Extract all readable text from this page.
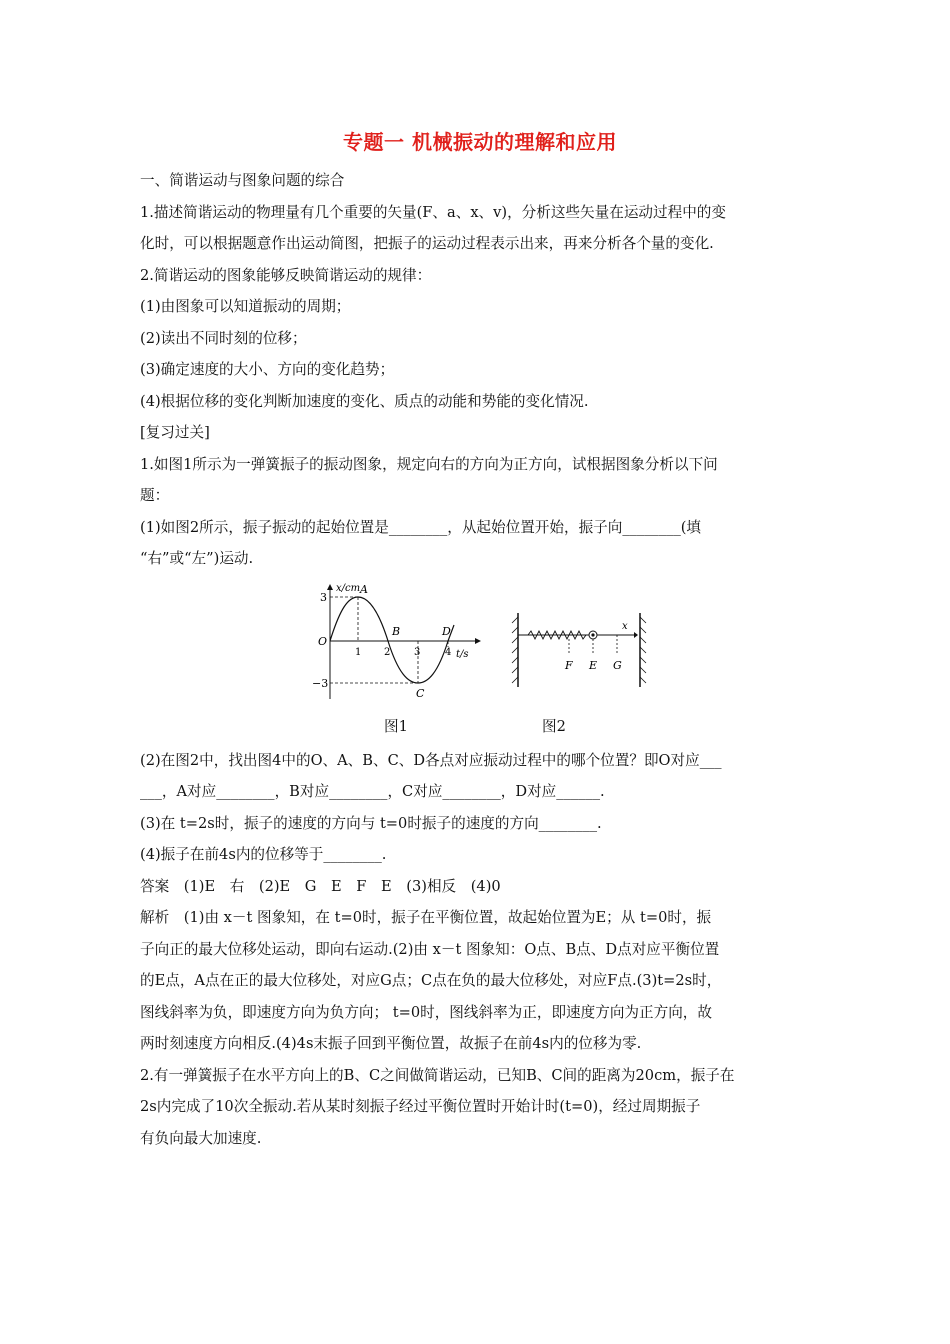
专题一 机械振动的理解和应用

一、简谐运动与图象问题的综合

1.描述简谐运动的物理量有几个重要的矢量(F、a、x、v)，分析这些矢量在运动过程中的变

化时，可以根据题意作出运动简图，把振子的运动过程表示出来，再来分析各个量的变化.

2.简谐运动的图象能够反映简谐运动的规律：

(1)由图象可以知道振动的周期；

(2)读出不同时刻的位移；

(3)确定速度的大小、方向的变化趋势；

(4)根据位移的变化判断加速度的变化、质点的动能和势能的变化情况.

[复习过关]

1.如图1所示为一弹簧振子的振动图象，规定向右的方向为正方向，试根据图象分析以下问

题：

(1)如图2所示，振子振动的起始位置是________，从起始位置开始，振子向________(填

“右”或“左”)运动.

x/cm
t/s
O
3
−3
1 2 3 4
A
B
C
D	x
F E G
图1	图2

(2)在图2中，找出图4中的O、A、B、C、D各点对应振动过程中的哪个位置？即O对应___

___，A对应________，B对应________，C对应________，D对应______.

(3)在 t=2s时，振子的速度的方向与 t=0时振子的速度的方向________.

(4)振子在前4s内的位移等于________.

答案　(1)E　右　(2)E　G　E　F　E　(3)相反　(4)0

解析　(1)由 x－t 图象知，在 t=0时，振子在平衡位置，故起始位置为E；从 t=0时，振

子向正的最大位移处运动，即向右运动.(2)由 x－t 图象知：O点、B点、D点对应平衡位置

的E点，A点在正的最大位移处，对应G点；C点在负的最大位移处，对应F点.(3)t=2s时，

图线斜率为负，即速度方向为负方向； t=0时，图线斜率为正，即速度方向为正方向，故

两时刻速度方向相反.(4)4s末振子回到平衡位置，故振子在前4s内的位移为零.

2.有一弹簧振子在水平方向上的B、C之间做简谐运动，已知B、C间的距离为20cm，振子在

2s内完成了10次全振动.若从某时刻振子经过平衡位置时开始计时(t=0)，经过周期振子

有负向最大加速度.
